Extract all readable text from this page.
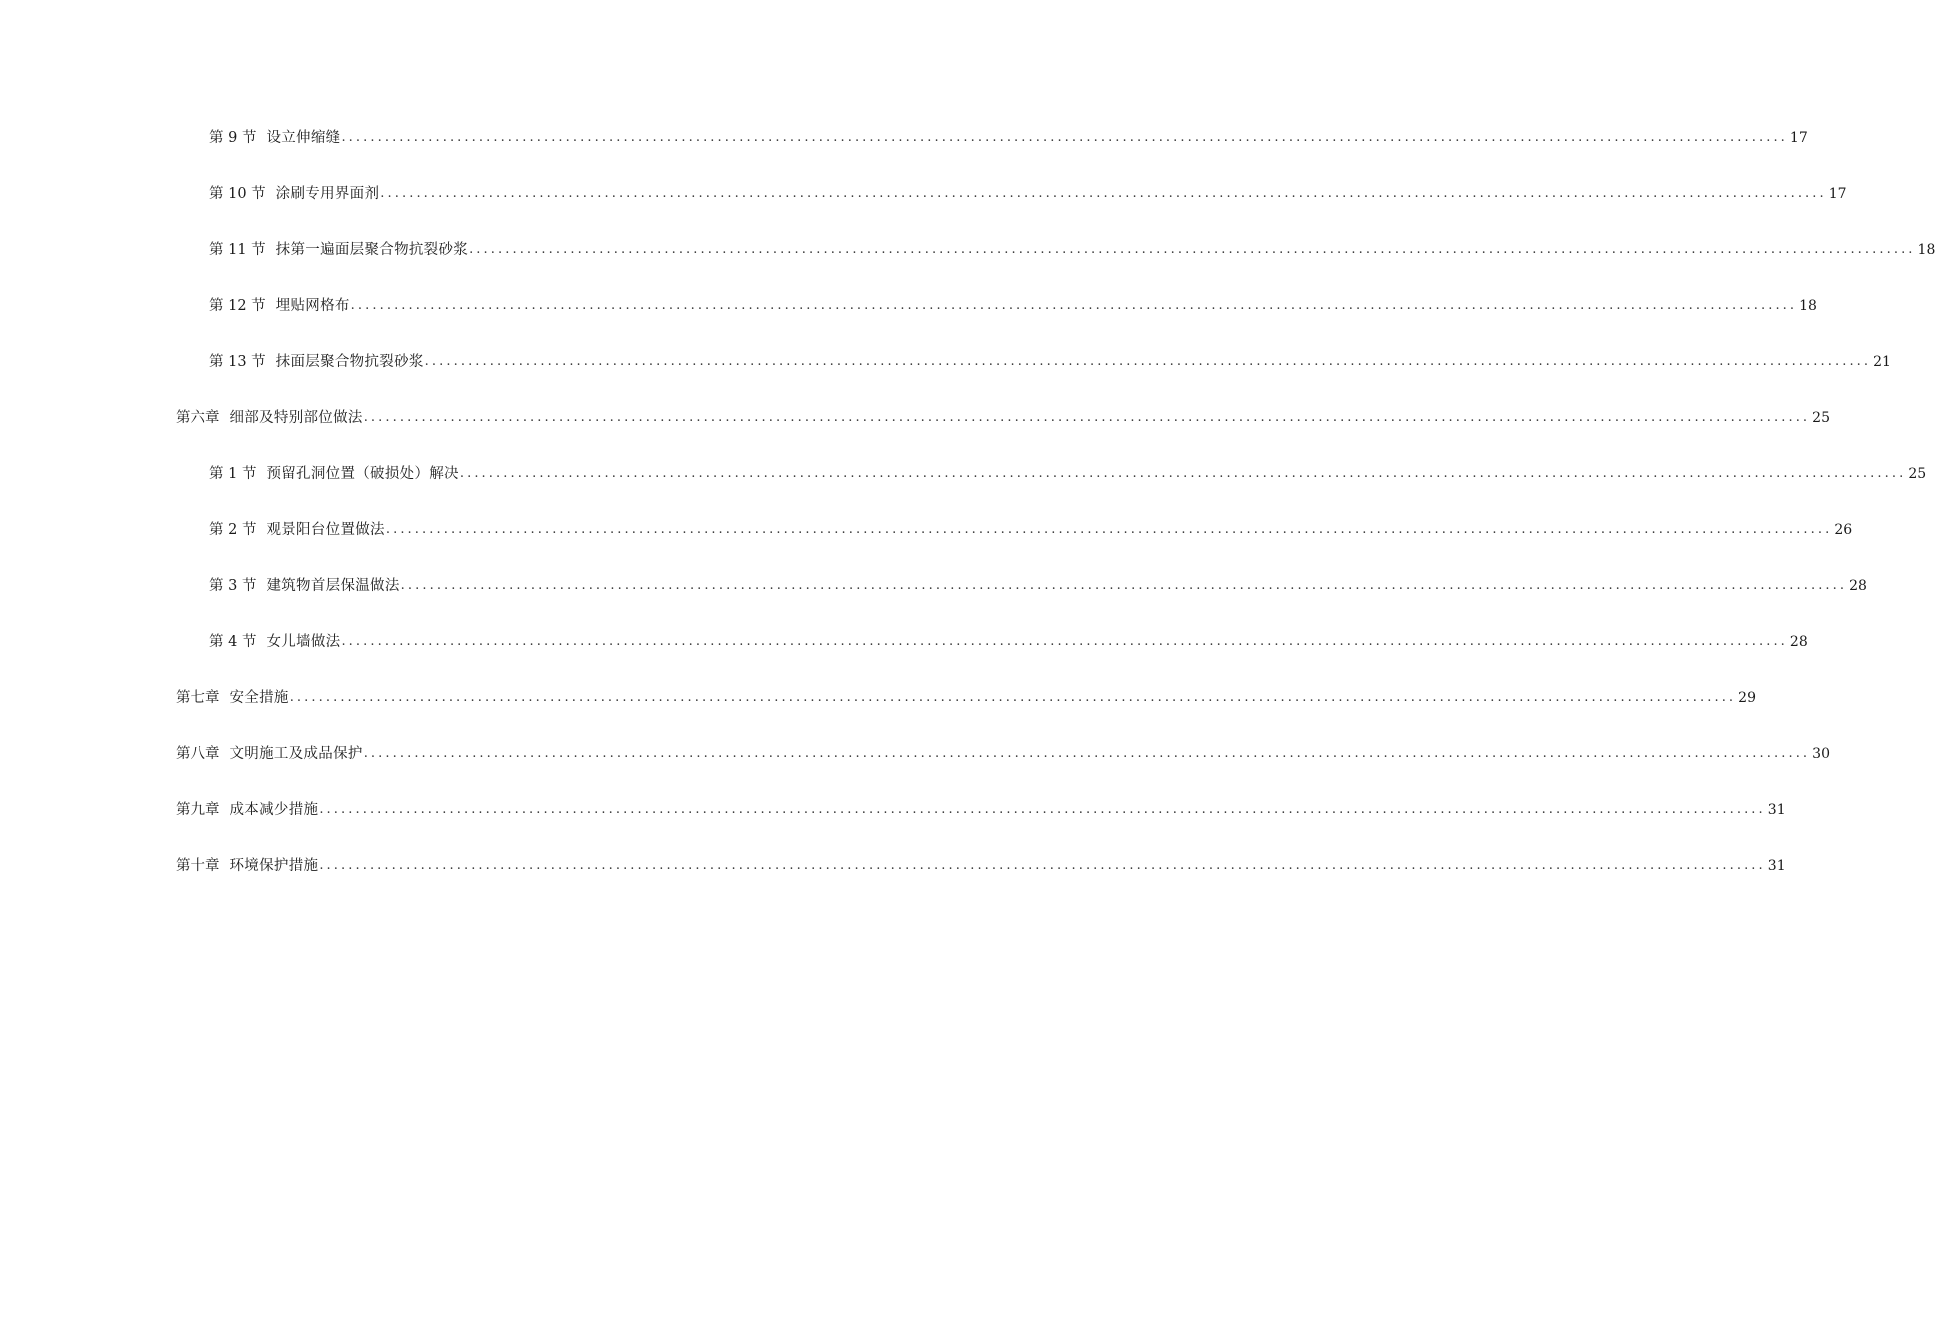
第 9 节 设立伸缩缝 ........................................................................................................................................................................................................ 17
第 10 节 涂刷专用界面剂 ........................................................................................................................................................................................................ 17
第 11 节 抹第一遍面层聚合物抗裂砂浆 ........................................................................................................................................................................................................ 18
第 12 节 埋贴网格布 ........................................................................................................................................................................................................ 18
第 13 节 抹面层聚合物抗裂砂浆 ........................................................................................................................................................................................................ 21
第六章 细部及特别部位做法 ........................................................................................................................................................................................................ 25
第 1 节 预留孔洞位置（破损处）解决 ........................................................................................................................................................................................................ 25
第 2 节 观景阳台位置做法 ........................................................................................................................................................................................................ 26
第 3 节 建筑物首层保温做法 ........................................................................................................................................................................................................ 28
第 4 节 女儿墙做法 ........................................................................................................................................................................................................ 28
第七章 安全措施 ........................................................................................................................................................................................................ 29
第八章 文明施工及成品保护 ........................................................................................................................................................................................................ 30
第九章 成本减少措施 ........................................................................................................................................................................................................ 31
第十章 环境保护措施 ........................................................................................................................................................................................................ 31
